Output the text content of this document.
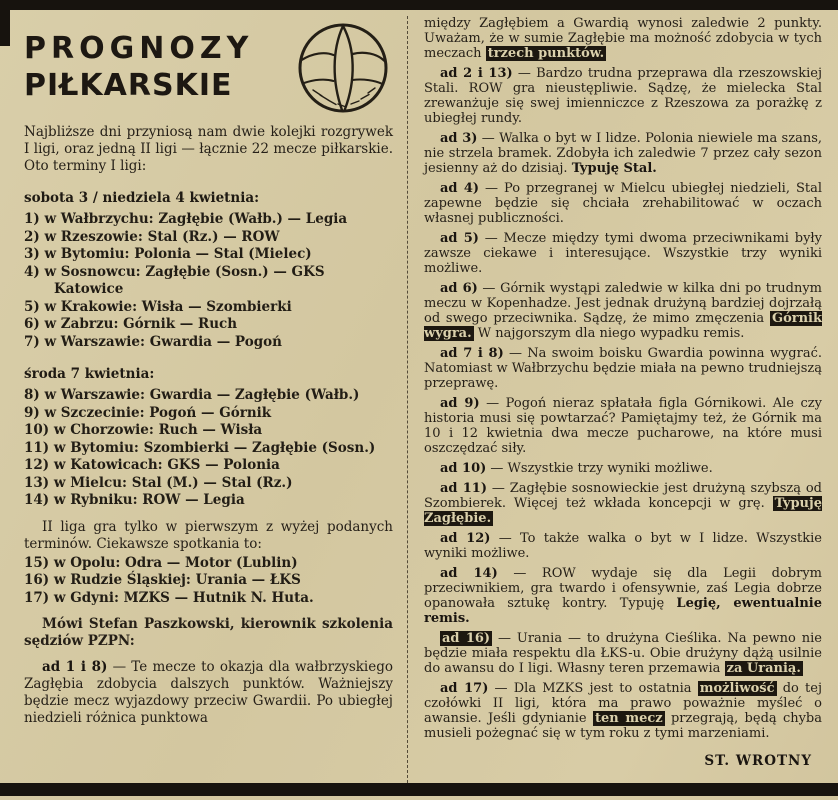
PROGNOZY
PIŁKARSKIE

Najbliższe dni przyniosą nam dwie kolejki rozgrywek I ligi, oraz jedną II ligi — łącznie 22 mecze piłkarskie. Oto terminy I ligi:

sobota 3 / niedziela 4 kwietnia:
1) w Wałbrzychu: Zagłębie (Wałb.) — Legia
2) w Rzeszowie: Stal (Rz.) — ROW
3) w Bytomiu: Polonia — Stal (Mielec)
4) w Sosnowcu: Zagłębie (Sosn.) — GKS Katowice
5) w Krakowie: Wisła — Szombierki
6) w Zabrzu: Górnik — Ruch
7) w Warszawie: Gwardia — Pogoń
środa 7 kwietnia:
8) w Warszawie: Gwardia — Zagłębie (Wałb.)
9) w Szczecinie: Pogoń — Górnik
10) w Chorzowie: Ruch — Wisła
11) w Bytomiu: Szombierki — Zagłębie (Sosn.)
12) w Katowicach: GKS — Polonia
13) w Mielcu: Stal (M.) — Stal (Rz.)
14) w Rybniku: ROW — Legia

II liga gra tylko w pierwszym z wyżej podanych terminów. Ciekawsze spotkania to:

15) w Opolu: Odra — Motor (Lublin)
16) w Rudzie Śląskiej: Urania — ŁKS
17) w Gdyni: MZKS — Hutnik N. Huta.

Mówi Stefan Paszkowski, kierownik szkolenia sędziów PZPN:

ad 1 i 8) — Te mecze to okazja dla wałbrzyskiego Zagłębia zdobycia dalszych punktów. Ważniejszy będzie mecz wyjazdowy przeciw Gwardii. Po ubiegłej niedzieli różnica punktowa

między Zagłębiem a Gwardią wynosi zaledwie 2 punkty. Uważam, że w sumie Zagłębie ma możność zdobycia w tych meczach trzech punktów.

ad 2 i 13) — Bardzo trudna przeprawa dla rzeszowskiej Stali. ROW gra nieustępliwie. Sądzę, że mielecka Stal zrewanżuje się swej imienniczce z Rzeszowa za porażkę z ubiegłej rundy.

ad 3) — Walka o byt w I lidze. Polonia niewiele ma szans, nie strzela bramek. Zdobyła ich zaledwie 7 przez cały sezon jesienny aż do dzisiaj. Typuję Stal.

ad 4) — Po przegranej w Mielcu ubiegłej niedzieli, Stal zapewne będzie się chciała zrehabilitować w oczach własnej publiczności.

ad 5) — Mecze między tymi dwoma przeciwnikami były zawsze ciekawe i interesujące. Wszystkie trzy wyniki możliwe.

ad 6) — Górnik wystąpi zaledwie w kilka dni po trudnym meczu w Kopenhadze. Jest jednak drużyną bardziej dojrzałą od swego przeciwnika. Sądzę, że mimo zmęczenia Górnik wygra. W najgorszym dla niego wypadku remis.

ad 7 i 8) — Na swoim boisku Gwardia powinna wygrać. Natomiast w Wałbrzychu będzie miała na pewno trudniejszą przeprawę.

ad 9) — Pogoń nieraz spłatała figla Górnikowi. Ale czy historia musi się powtarzać? Pamiętajmy też, że Górnik ma 10 i 12 kwietnia dwa mecze pucharowe, na które musi oszczędzać siły.

ad 10) — Wszystkie trzy wyniki możliwe.

ad 11) — Zagłębie sosnowieckie jest drużyną szybszą od Szombierek. Więcej też wkłada koncepcji w grę. Typuję Zagłębie.

ad 12) — To także walka o byt w I lidze. Wszystkie wyniki możliwe.

ad 14) — ROW wydaje się dla Legii dobrym przeciwnikiem, gra twardo i ofensywnie, zaś Legia dobrze opanowała sztukę kontry. Typuję Legię, ewentualnie remis.

ad 16) — Urania — to drużyna Cieślika. Na pewno nie będzie miała respektu dla ŁKS-u. Obie drużyny dążą usilnie do awansu do I ligi. Własny teren przemawia za Uranią.

ad 17) — Dla MZKS jest to ostatnia możliwość do tej czołówki II ligi, która ma prawo poważnie myśleć o awansie. Jeśli gdynianie ten mecz przegrają, będą chyba musieli pożegnać się w tym roku z tymi marzeniami.

ST. WROTNY
